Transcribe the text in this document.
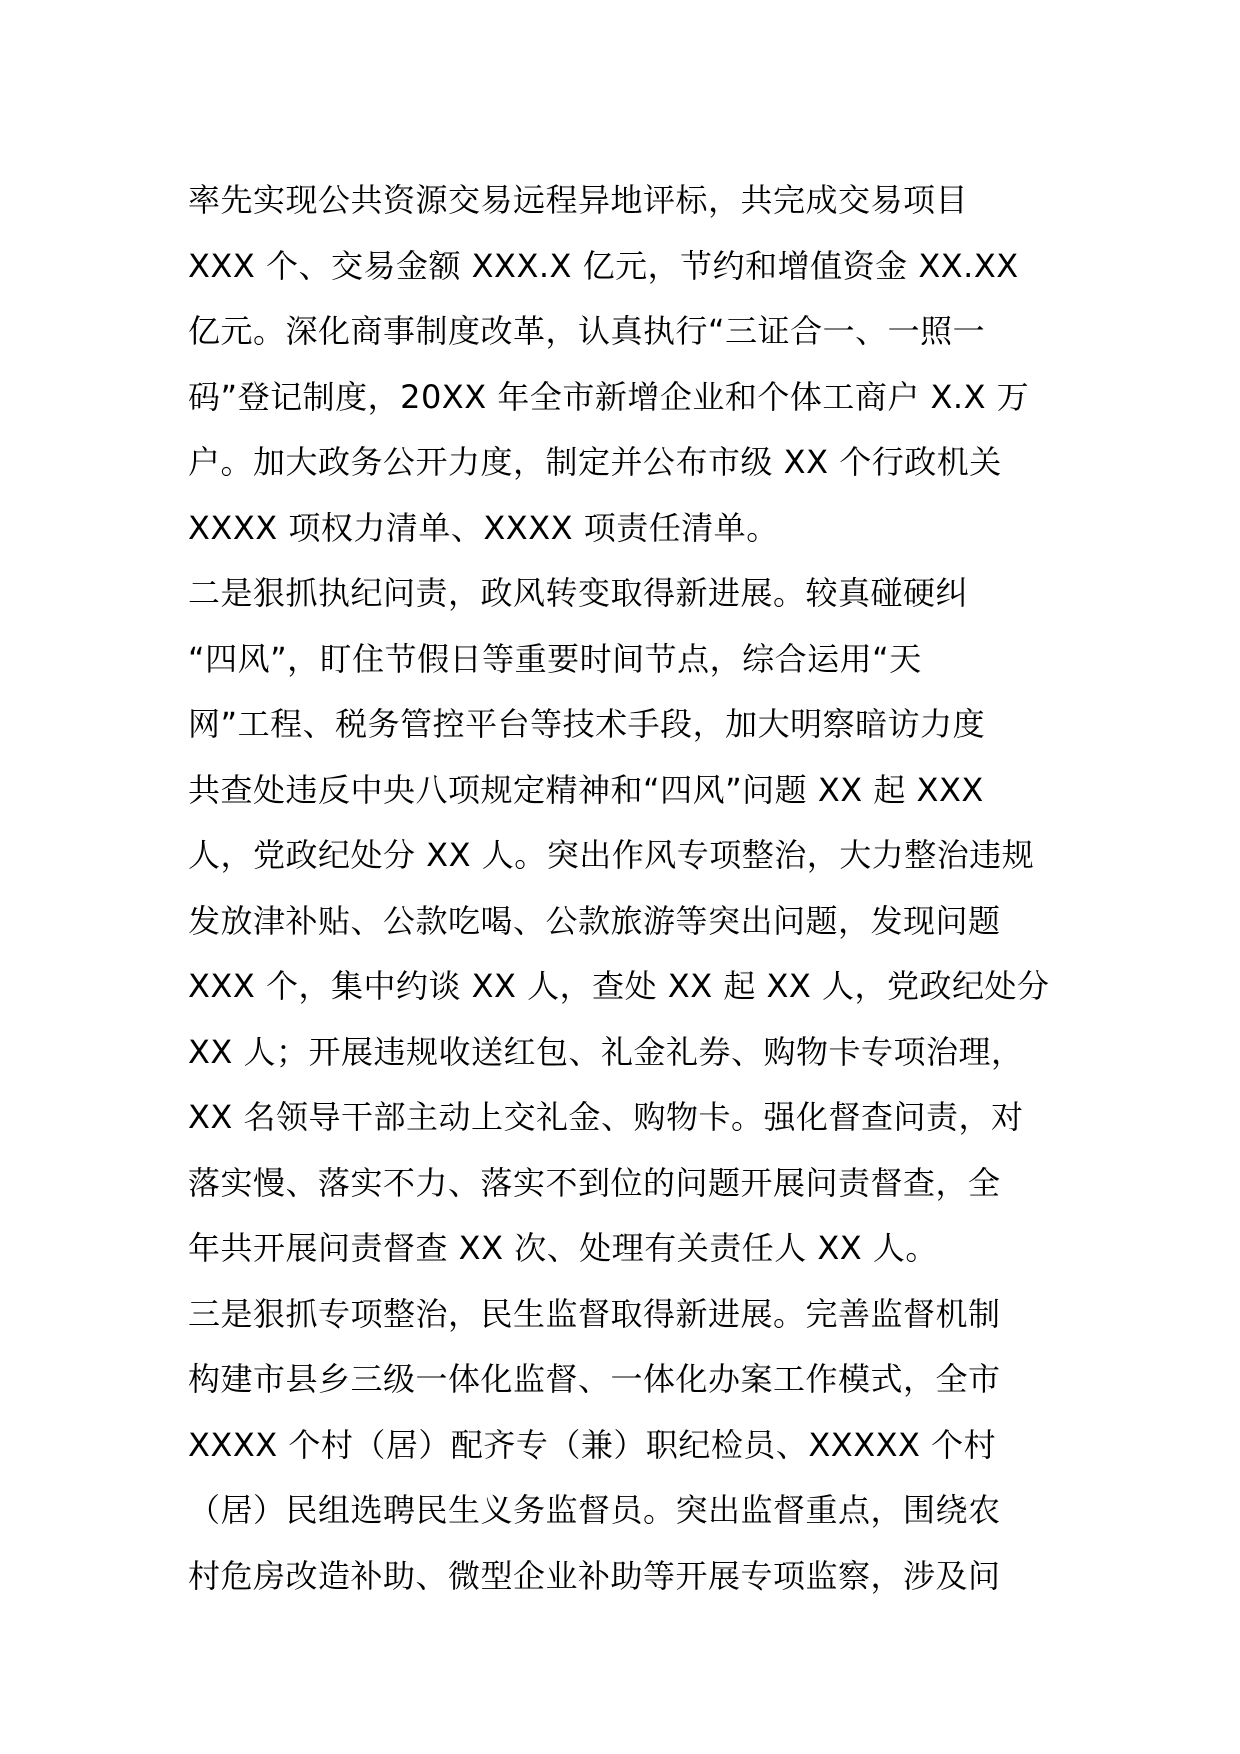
率先实现公共资源交易远程异地评标，共完成交易项目
XXX 个、交易金额 XXX.X 亿元，节约和增值资金 XX.XX
亿元。深化商事制度改革，认真执行“三证合一、一照一
码”登记制度，20XX 年全市新增企业和个体工商户 X.X 万
户。加大政务公开力度，制定并公布市级 XX 个行政机关
XXXX 项权力清单、XXXX 项责任清单。
二是狠抓执纪问责，政风转变取得新进展。较真碰硬纠
“四风”，盯住节假日等重要时间节点，综合运用“天
网”工程、税务管控平台等技术手段，加大明察暗访力度
共查处违反中央八项规定精神和“四风”问题 XX 起 XXX
人，党政纪处分 XX 人。突出作风专项整治，大力整治违规
发放津补贴、公款吃喝、公款旅游等突出问题，发现问题
XXX 个，集中约谈 XX 人，查处 XX 起 XX 人，党政纪处分
XX 人；开展违规收送红包、礼金礼券、购物卡专项治理，
XX 名领导干部主动上交礼金、购物卡。强化督查问责，对
落实慢、落实不力、落实不到位的问题开展问责督查，全
年共开展问责督查 XX 次、处理有关责任人 XX 人。
三是狠抓专项整治，民生监督取得新进展。完善监督机制
构建市县乡三级一体化监督、一体化办案工作模式，全市
XXXX 个村（居）配齐专（兼）职纪检员、XXXXX 个村
（居）民组选聘民生义务监督员。突出监督重点，围绕农
村危房改造补助、微型企业补助等开展专项监察，涉及问
